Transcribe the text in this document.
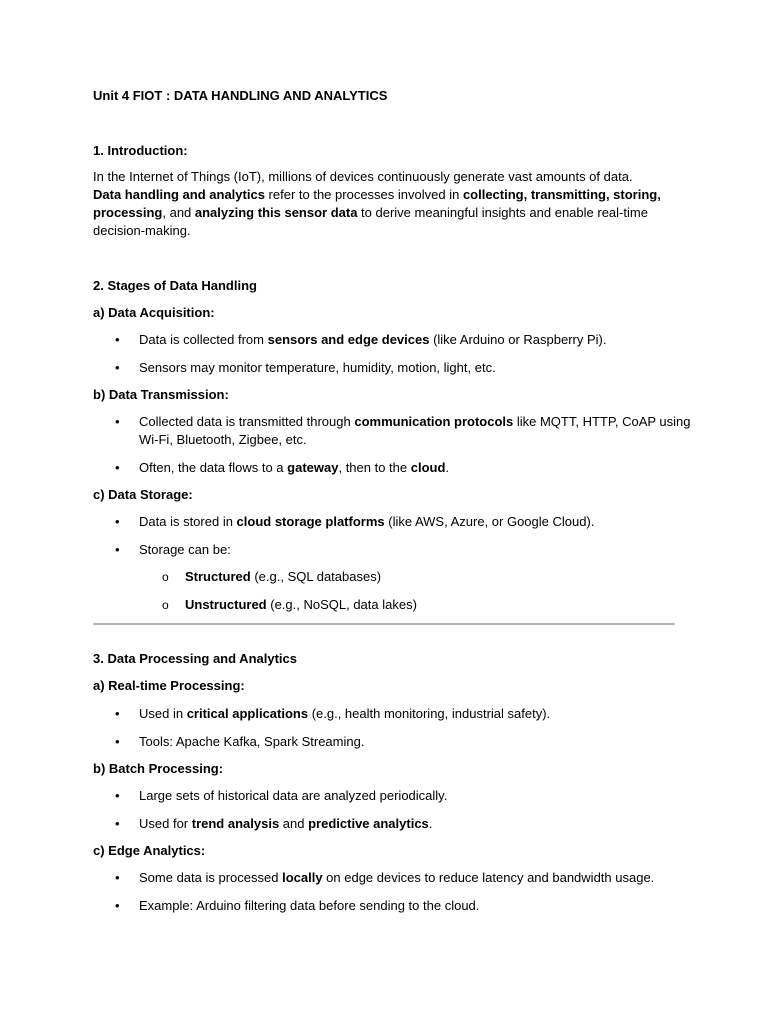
Unit 4 FIOT : DATA HANDLING AND ANALYTICS
1. Introduction:
In the Internet of Things (IoT), millions of devices continuously generate vast amounts of data.
Data handling and analytics refer to the processes involved in collecting, transmitting, storing,
processing, and analyzing this sensor data to derive meaningful insights and enable real-time
decision-making.
2. Stages of Data Handling
a) Data Acquisition:
• Data is collected from sensors and edge devices (like Arduino or Raspberry Pi).
• Sensors may monitor temperature, humidity, motion, light, etc.
b) Data Transmission:
• Collected data is transmitted through communication protocols like MQTT, HTTP, CoAP using
Wi-Fi, Bluetooth, Zigbee, etc.
• Often, the data flows to a gateway, then to the cloud.
c) Data Storage:
• Data is stored in cloud storage platforms (like AWS, Azure, or Google Cloud).
• Storage can be:
o Structured (e.g., SQL databases)
o Unstructured (e.g., NoSQL, data lakes)
3. Data Processing and Analytics
a) Real-time Processing:
• Used in critical applications (e.g., health monitoring, industrial safety).
• Tools: Apache Kafka, Spark Streaming.
b) Batch Processing:
• Large sets of historical data are analyzed periodically.
• Used for trend analysis and predictive analytics.
c) Edge Analytics:
• Some data is processed locally on edge devices to reduce latency and bandwidth usage.
• Example: Arduino filtering data before sending to the cloud.
